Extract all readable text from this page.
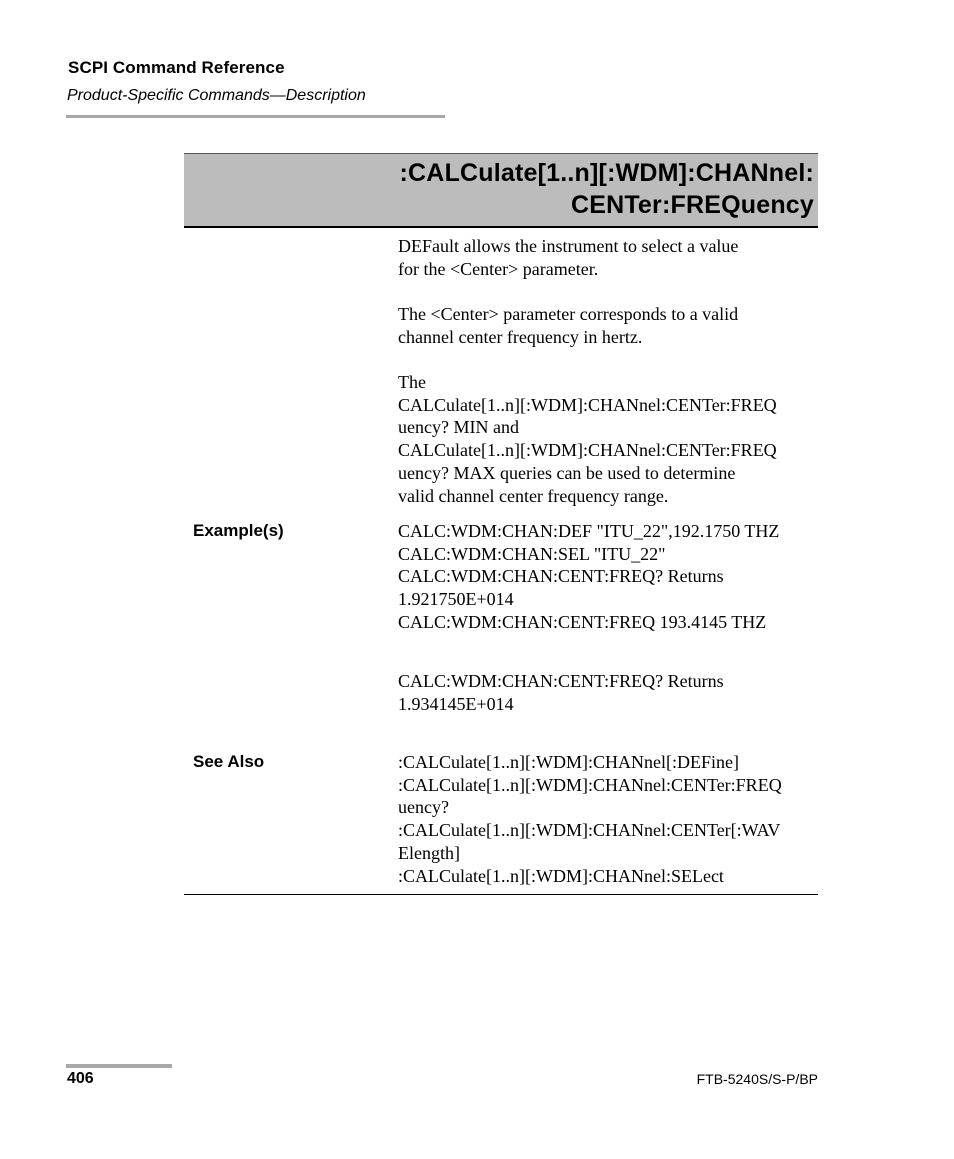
SCPI Command Reference
Product-Specific Commands—Description
:CALCulate[1..n][:WDM]:CHANnel:
CENTer:FREQuency
DEFault allows the instrument to select a value
for the <Center> parameter.
The <Center> parameter corresponds to a valid
channel center frequency in hertz.
The
CALCulate[1..n][:WDM]:CHANnel:CENTer:FREQ
uency? MIN and
CALCulate[1..n][:WDM]:CHANnel:CENTer:FREQ
uency? MAX queries can be used to determine
valid channel center frequency range.
Example(s)	CALC:WDM:CHAN:DEF "ITU_22",192.1750 THZ
CALC:WDM:CHAN:SEL "ITU_22"
CALC:WDM:CHAN:CENT:FREQ? Returns
1.921750E+014
CALC:WDM:CHAN:CENT:FREQ 193.4145 THZ
CALC:WDM:CHAN:CENT:FREQ? Returns
1.934145E+014
See Also	:CALCulate[1..n][:WDM]:CHANnel[:DEFine]
:CALCulate[1..n][:WDM]:CHANnel:CENTer:FREQ
uency?
:CALCulate[1..n][:WDM]:CHANnel:CENTer[:WAV
Elength]
:CALCulate[1..n][:WDM]:CHANnel:SELect
406	FTB-5240S/S-P/BP
